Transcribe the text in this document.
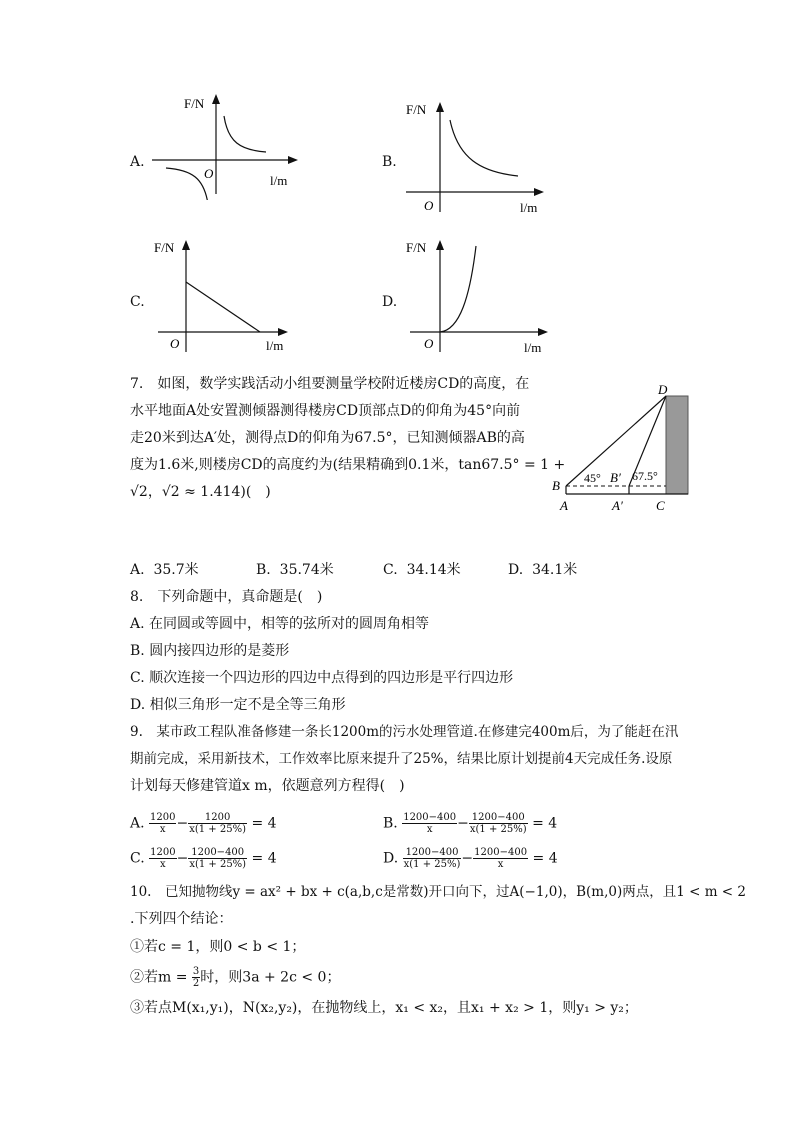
A.
O	l/m
F/N
B.
O	l/m
F/N
C.
O	l/m
F/N
D.
O	l/m
F/N
7.　如图，数学实践活动小组要测量学校附近楼房CD的高度，在
水平地面A处安置测倾器测得楼房CD顶部点D的仰角为45°向前
走20米到达A′处，测得点D的仰角为67.5°，已知测倾器AB的高
度为1.6米,则楼房CD的高度约为(结果精确到0.1米，tan67.5° = 1 +
√2，√2 ≈ 1.414)(　)
D
B
B′
A	A′	C
45°	67.5°
A. 35.7米	B. 35.74米	C. 34.14米	D. 34.1米
8.　下列命题中，真命题是(　)
A. 在同圆或等圆中，相等的弦所对的圆周角相等
B. 圆内接四边形的是菱形
C. 顺次连接一个四边形的四边中点得到的四边形是平行四边形
D. 相似三角形一定不是全等三角形
9.　某市政工程队准备修建一条长1200m的污水处理管道.在修建完400m后，为了能赶在汛
期前完成，采用新技术，工作效率比原来提升了25%，结果比原计划提前4天完成任务.设原
计划每天修建管道x m，依题意列方程得(　)
A. $\frac{1200}{x} - \frac{1200}{x(1 + 25\%)} = 4$	B. $\frac{1200-400}{x} - \frac{1200-400}{x(1 + 25\%)} = 4$
C. $\frac{1200}{x} - \frac{1200-400}{x(1 + 25\%)} = 4$	D. $\frac{1200-400}{x(1 + 25\%)} - \frac{1200-400}{x} = 4$
10.　已知抛物线y = ax² + bx + c(a,b,c是常数)开口向下，过A(−1,0)，B(m,0)两点，且1 < m < 2
.下列四个结论：
①若c = 1，则0 < b < 1；
②若$m = \frac{3}{2}$ 时，则3a + 2c < 0；
③若点M(x₁,y₁)，N(x₂,y₂)，在抛物线上，x₁ < x₂，且x₁ + x₂ > 1，则y₁ > y₂；
